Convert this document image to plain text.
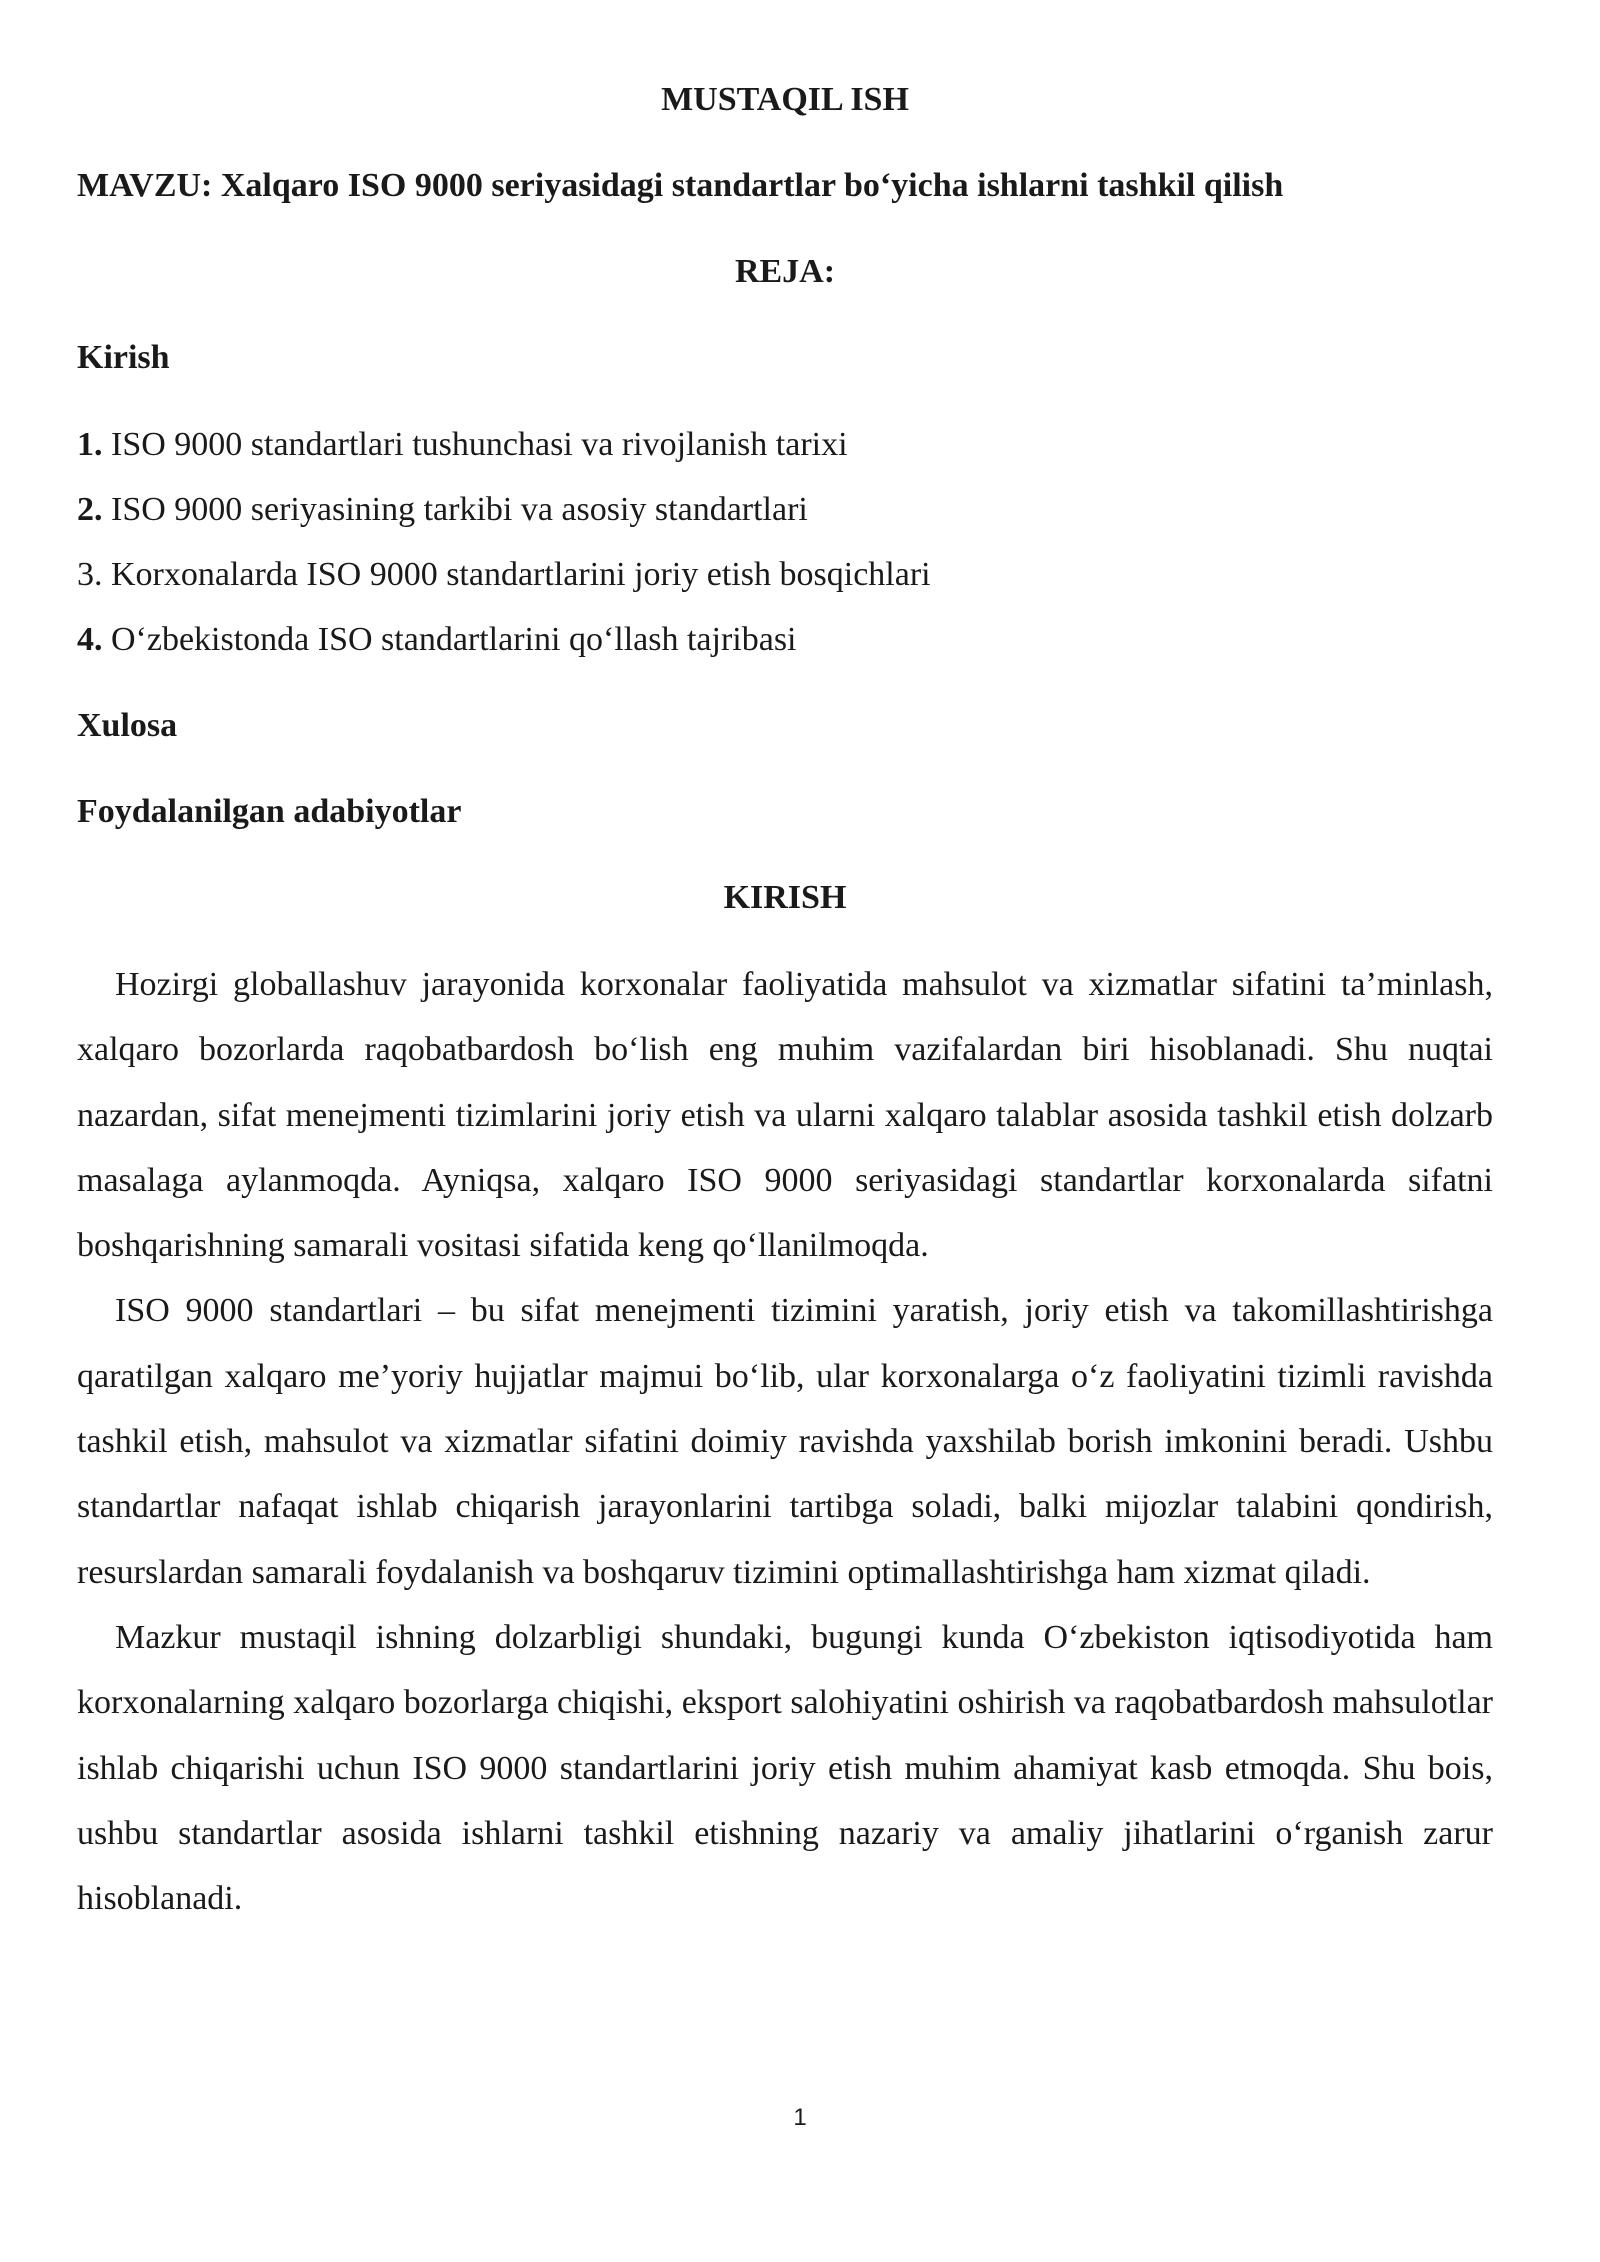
MUSTAQIL ISH

MAVZU: Xalqaro ISO 9000 seriyasidagi standartlar bo‘yicha ishlarni tashkil qilish

REJA:

Kirish

1. ISO 9000 standartlari tushunchasi va rivojlanish tarixi
2. ISO 9000 seriyasining tarkibi va asosiy standartlari
3. Korxonalarda ISO 9000 standartlarini joriy etish bosqichlari
4. O‘zbekistonda ISO standartlarini qo‘llash tajribasi

Xulosa

Foydalanilgan adabiyotlar

KIRISH

Hozirgi globallashuv jarayonida korxonalar faoliyatida mahsulot va xizmatlar sifatini ta’minlash, xalqaro bozorlarda raqobatbardosh bo‘lish eng muhim vazifalardan biri hisoblanadi. Shu nuqtai nazardan, sifat menejmenti tizimlarini joriy etish va ularni xalqaro talablar asosida tashkil etish dolzarb masalaga aylanmoqda. Ayniqsa, xalqaro ISO 9000 seriyasidagi standartlar korxonalarda sifatni boshqarishning samarali vositasi sifatida keng qo‘llanilmoqda.

ISO 9000 standartlari – bu sifat menejmenti tizimini yaratish, joriy etish va takomillashtirishga qaratilgan xalqaro me’yoriy hujjatlar majmui bo‘lib, ular korxonalarga o‘z faoliyatini tizimli ravishda tashkil etish, mahsulot va xizmatlar sifatini doimiy ravishda yaxshilab borish imkonini beradi. Ushbu standartlar nafaqat ishlab chiqarish jarayonlarini tartibga soladi, balki mijozlar talabini qondirish, resurslardan samarali foydalanish va boshqaruv tizimini optimallashtirishga ham xizmat qiladi.

Mazkur mustaqil ishning dolzarbligi shundaki, bugungi kunda O‘zbekiston iqtisodiyotida ham korxonalarning xalqaro bozorlarga chiqishi, eksport salohiyatini oshirish va raqobatbardosh mahsulotlar ishlab chiqarishi uchun ISO 9000 standartlarini joriy etish muhim ahamiyat kasb etmoqda. Shu bois, ushbu standartlar asosida ishlarni tashkil etishning nazariy va amaliy jihatlarini o‘rganish zarur hisoblanadi.

1
